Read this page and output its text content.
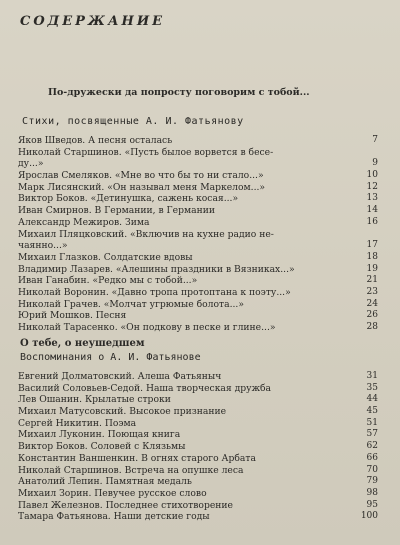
СОДЕРЖАНИЕ
По-дружески да попросту поговорим с тобой...
Стихи, посвященные А. И. Фатьянову
Яков Шведов. А песня осталась	7
Николай Старшинов. «Пусть былое ворвется в бесе-
ду...»	9
Ярослав Смеляков. «Мне во что бы то ни стало...»	10
Марк Лисянский. «Он называл меня Маркелом...»	12
Виктор Боков. «Детинушка, сажень косая...»	13
Иван Смирнов. В Германии, в Германии	14
Александр Межиров. Зима	16
Михаил Пляцковский. «Включив на кухне радио не-
чаянно...»	17
Михаил Глазков. Солдатские вдовы	18
Владимир Лазарев. «Алешины праздники в Вязниках...»	19
Иван Ганабин. «Редко мы с тобой...»	21
Николай Воронин. «Давно тропа протоптана к поэту...»	23
Николай Грачев. «Молчат угрюмые болота...»	24
Юрий Мошков. Песня	26
Николай Тарасенко. «Он подкову в песке и глине...»	28
О тебе, о неушедшем
Воспоминания о А. И. Фатьянове
Евгений Долматовский. Алеша Фатьяныч	31
Василий Соловьев-Седой. Наша творческая дружба	35
Лев Ошанин. Крылатые строки	44
Михаил Матусовский. Высокое признание	45
Сергей Никитин. Поэма	51
Михаил Луконин. Поющая книга	57
Виктор Боков. Соловей с Клязьмы	62
Константин Ваншенкин. В огнях старого Арбата	66
Николай Старшинов. Встреча на опушке леса	70
Анатолий Лепин. Памятная медаль	79
Михаил Зорин. Певучее русское слово	98
Павел Железнов. Последнее стихотворение	95
Тамара Фатьянова. Наши детские годы	100
